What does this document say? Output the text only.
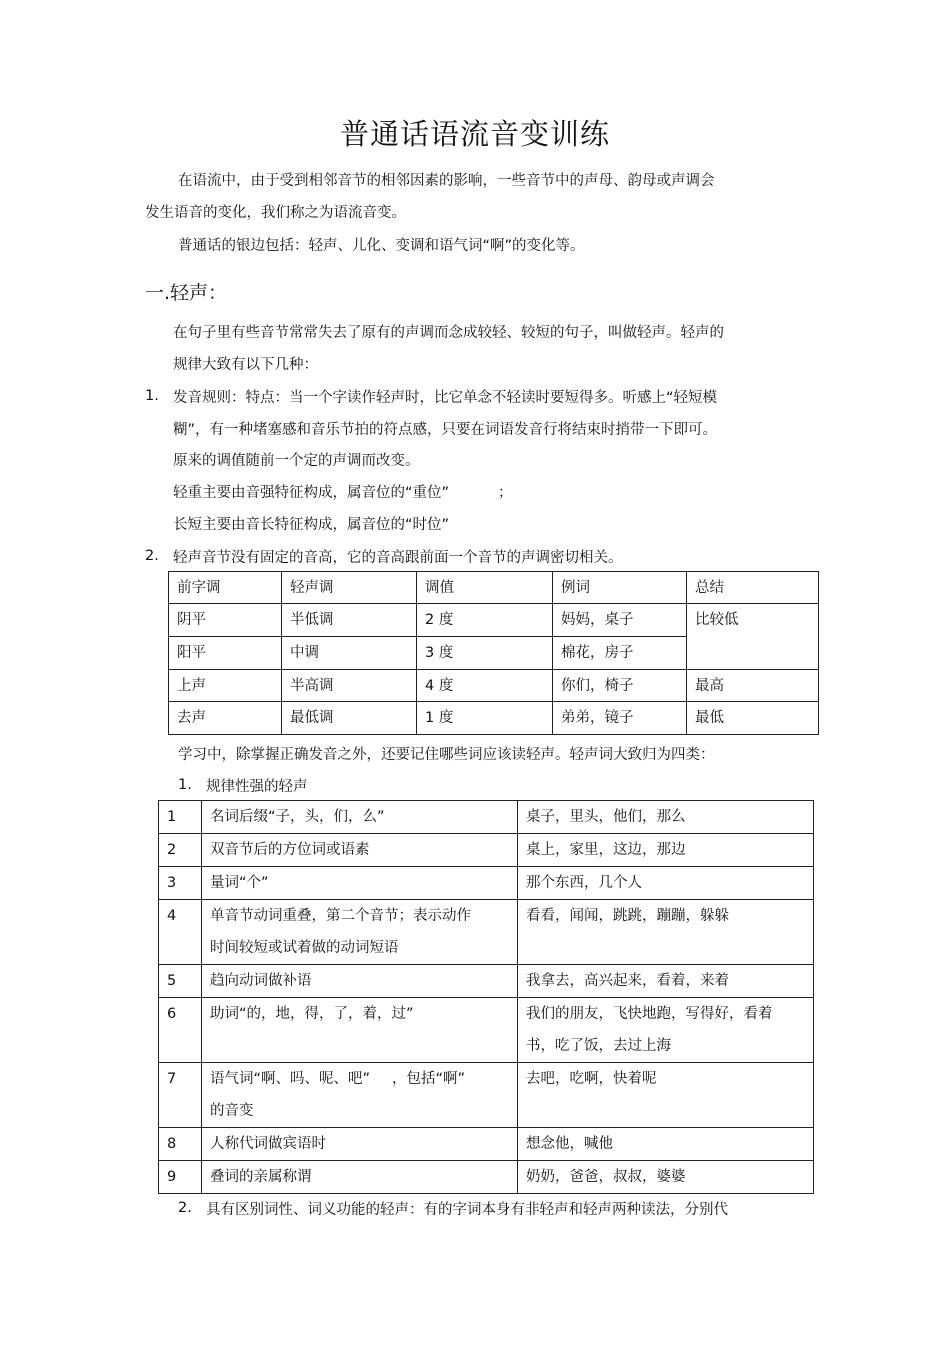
普通话语流音变训练
在语流中，由于受到相邻音节的相邻因素的影响，一些音节中的声母、韵母或声调会
发生语音的变化，我们称之为语流音变。
普通话的银边包括：轻声、儿化、变调和语气词“啊”的变化等。
一.轻声：
在句子里有些音节常常失去了原有的声调而念成较轻、较短的句子，叫做轻声。轻声的
规律大致有以下几种：
1. 发音规则：特点：当一个字读作轻声时，比它单念不轻读时要短得多。听感上“轻短模
糊”，有一种堵塞感和音乐节拍的符点感，只要在词语发音行将结束时捎带一下即可。
原来的调值随前一个定的声调而改变。
轻重主要由音强特征构成，属音位的“重位”	；
长短主要由音长特征构成，属音位的“时位”
2. 轻声音节没有固定的音高，它的音高跟前面一个音节的声调密切相关。
前字调	轻声调	调值	例词	总结
阴平	半低调	2 度	妈妈，桌子	比较低
阳平	中调	3 度	棉花，房子	
上声	半高调	4 度	你们，椅子	最高
去声	最低调	1 度	弟弟，镜子	最低
学习中，除掌握正确发音之外，还要记住哪些词应该读轻声。轻声词大致归为四类：
1. 规律性强的轻声
1	名词后缀“子，头，们，么”	桌子，里头，他们，那么
2	双音节后的方位词或语素	桌上，家里，这边，那边
3	量词“个”	那个东西，几个人
4	单音节动词重叠，第二个音节；表示动作
时间较短或试着做的动词短语	看看，闻闻，跳跳，蹦蹦，躲躲
5	趋向动词做补语	我拿去，高兴起来，看着，来着
6	助词“的，地，得，了，着，过”	我们的朋友，飞快地跑，写得好，看着
书，吃了饭，去过上海

7	语气词“啊、吗、呢、吧” ，包括“啊”
的音变	去吧，吃啊，快着呢
8	人称代词做宾语时	想念他，喊他
9	叠词的亲属称谓	奶奶，爸爸，叔叔，婆婆
2. 具有区别词性、词义功能的轻声：有的字词本身有非轻声和轻声两种读法，分别代
